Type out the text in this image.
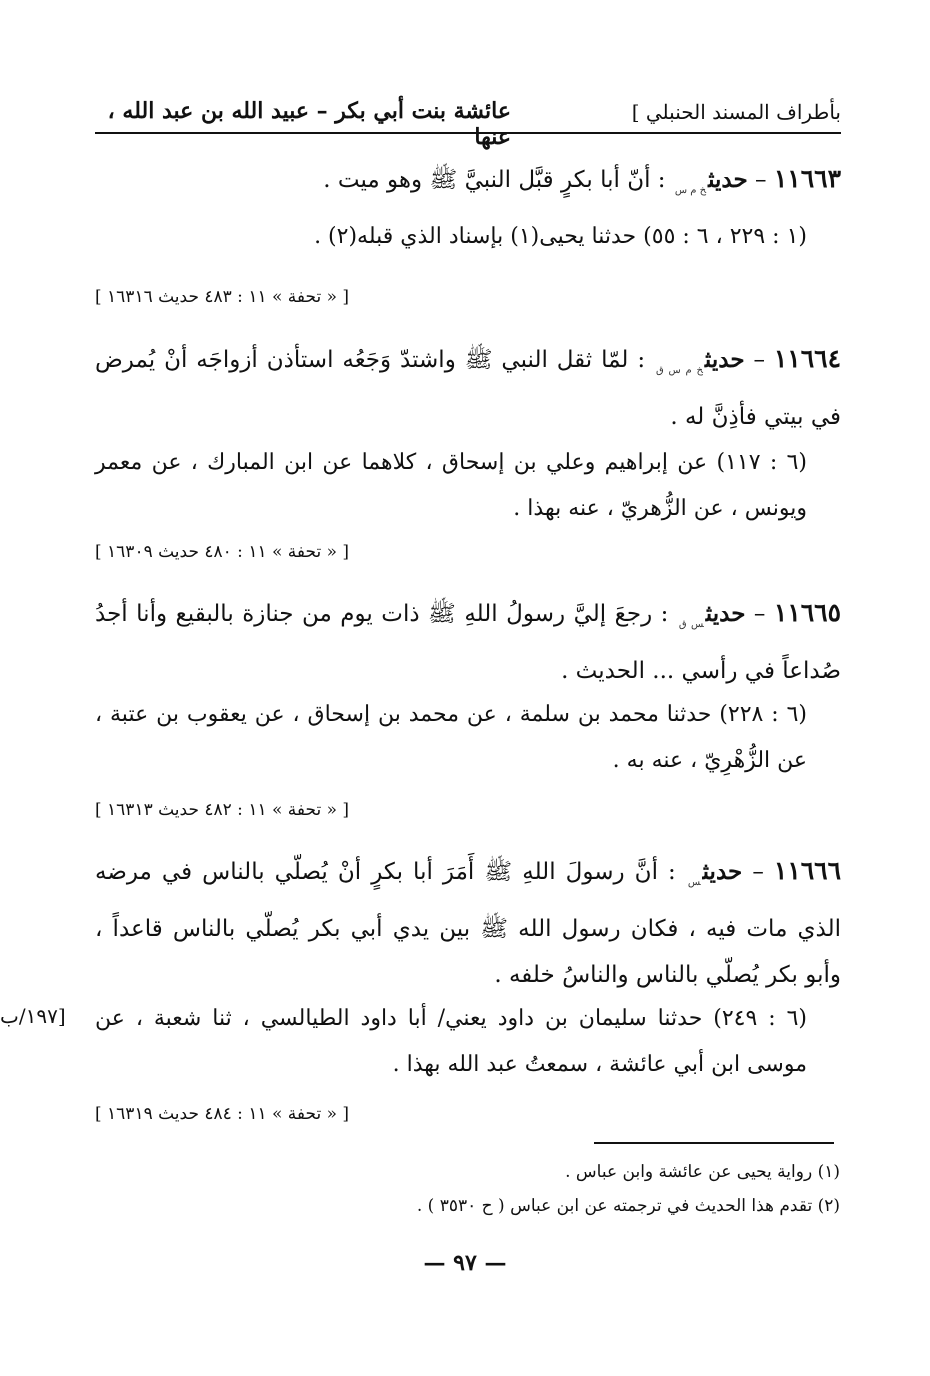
بأطراف المسند الحنبلي ]
عائشة بنت أبي بكر – عبيد الله بن عبد الله ، عنها
١١٦٦٣ – حديث$_{خ م س}$ : أنّ أبا بكرٍ قبَّل النبيَّ ﷺ وهو ميت .
(١ : ٢٢٩ ، ٦ : ٥٥) حدثنا يحيى(١) بإسناد الذي قبله(٢) .
[ « تحفة » ١١ : ٤٨٣ حديث ١٦٣١٦ ]
١١٦٦٤ – حديث$_{خ م س ق}$ : لمّا ثقل النبي ﷺ واشتدّ وَجَعُه استأذن أزواجَه أنْ يُمرض في بيتي فأذِنَّ له .
(٦ : ١١٧) عن إبراهيم وعلي بن إسحاق ، كلاهما عن ابن المبارك ، عن معمر ويونس ، عن الزُّهريّ ، عنه بهذا .
[ « تحفة » ١١ : ٤٨٠ حديث ١٦٣٠٩ ]
١١٦٦٥ – حديث$_{س ق}$ : رجعَ إليَّ رسولُ اللهِ ﷺ ذات يوم من جنازة بالبقيع وأنا أجدُ صُداعاً في رأسي ... الحديث .
(٦ : ٢٢٨) حدثنا محمد بن سلمة ، عن محمد بن إسحاق ، عن يعقوب بن عتبة ، عن الزُّهْرِيّ ، عنه به .
[ « تحفة » ١١ : ٤٨٢ حديث ١٦٣١٣ ]
١١٦٦٦ – حديث$_س$ : أنَّ رسولَ اللهِ ﷺ أَمَرَ أبا بكرٍ أنْ يُصلّي بالناس في مرضه الذي مات فيه ، فكان رسول الله ﷺ بين يدي أبي بكر يُصلّي بالناس قاعداً ، وأبو بكر يُصلّي بالناس والناسُ خلفه .
(٦ : ٢٤٩) حدثنا سليمان بن داود يعني/ أبا داود الطيالسي ، ثنا شعبة ، عن موسى ابن أبي عائشة ، سمعتُ عبد الله بهذا .
[١٩٧/ب
[ « تحفة » ١١ : ٤٨٤ حديث ١٦٣١٩ ]
(١) رواية يحيى عن عائشة وابن عباس .
(٢) تقدم هذا الحديث في ترجمته عن ابن عباس ( ح ٣٥٣٠ ) .
— ٩٧ —
